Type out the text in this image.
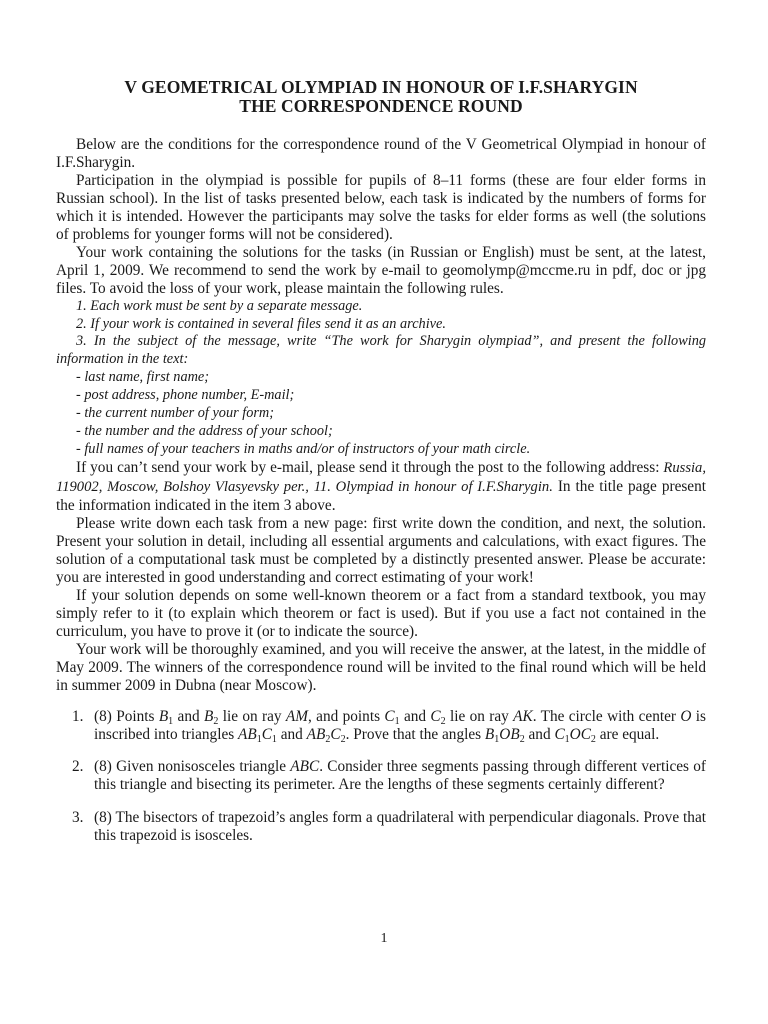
V GEOMETRICAL OLYMPIAD IN HONOUR OF I.F.SHARYGIN
THE CORRESPONDENCE ROUND

Below are the conditions for the correspondence round of the V Geometrical Olympiad in honour of I.F.Sharygin.

Participation in the olympiad is possible for pupils of 8–11 forms (these are four elder forms in Russian school). In the list of tasks presented below, each task is indicated by the numbers of forms for which it is intended. However the participants may solve the tasks for elder forms as well (the solutions of problems for younger forms will not be considered).

Your work containing the solutions for the tasks (in Russian or English) must be sent, at the latest, April 1, 2009. We recommend to send the work by e-mail to geomolymp@mccme.ru in pdf, doc or jpg files. To avoid the loss of your work, please maintain the following rules.

1. Each work must be sent by a separate message.

2. If your work is contained in several files send it as an archive.

3. In the subject of the message, write “The work for Sharygin olympiad”, and present the following information in the text:

- last name, first name;

- post address, phone number, E-mail;

- the current number of your form;

- the number and the address of your school;

- full names of your teachers in maths and/or of instructors of your math circle.

If you can’t send your work by e-mail, please send it through the post to the following address: Russia, 119002, Moscow, Bolshoy Vlasyevsky per., 11. Olympiad in honour of I.F.Sharygin. In the title page present the information indicated in the item 3 above.

Please write down each task from a new page: first write down the condition, and next, the solution. Present your solution in detail, including all essential arguments and calculations, with exact figures. The solution of a computational task must be completed by a distinctly presented answer. Please be accurate: you are interested in good understanding and correct estimating of your work!

If your solution depends on some well-known theorem or a fact from a standard textbook, you may simply refer to it (to explain which theorem or fact is used). But if you use a fact not contained in the curriculum, you have to prove it (or to indicate the source).

Your work will be thoroughly examined, and you will receive the answer, at the latest, in the middle of May 2009. The winners of the correspondence round will be invited to the final round which will be held in summer 2009 in Dubna (near Moscow).

1. (8) Points $B_1$ and $B_2$ lie on ray AM, and points $C_1$ and $C_2$ lie on ray AK. The circle with center O is inscribed into triangles $AB_1C_1$ and $AB_2C_2$. Prove that the angles $B_1OB_2$ and $C_1OC_2$ are equal.
2. (8) Given nonisosceles triangle ABC. Consider three segments passing through different vertices of this triangle and bisecting its perimeter. Are the lengths of these segments certainly different?
3. (8) The bisectors of trapezoid’s angles form a quadrilateral with perpendicular diagonals. Prove that this trapezoid is isosceles.
1
